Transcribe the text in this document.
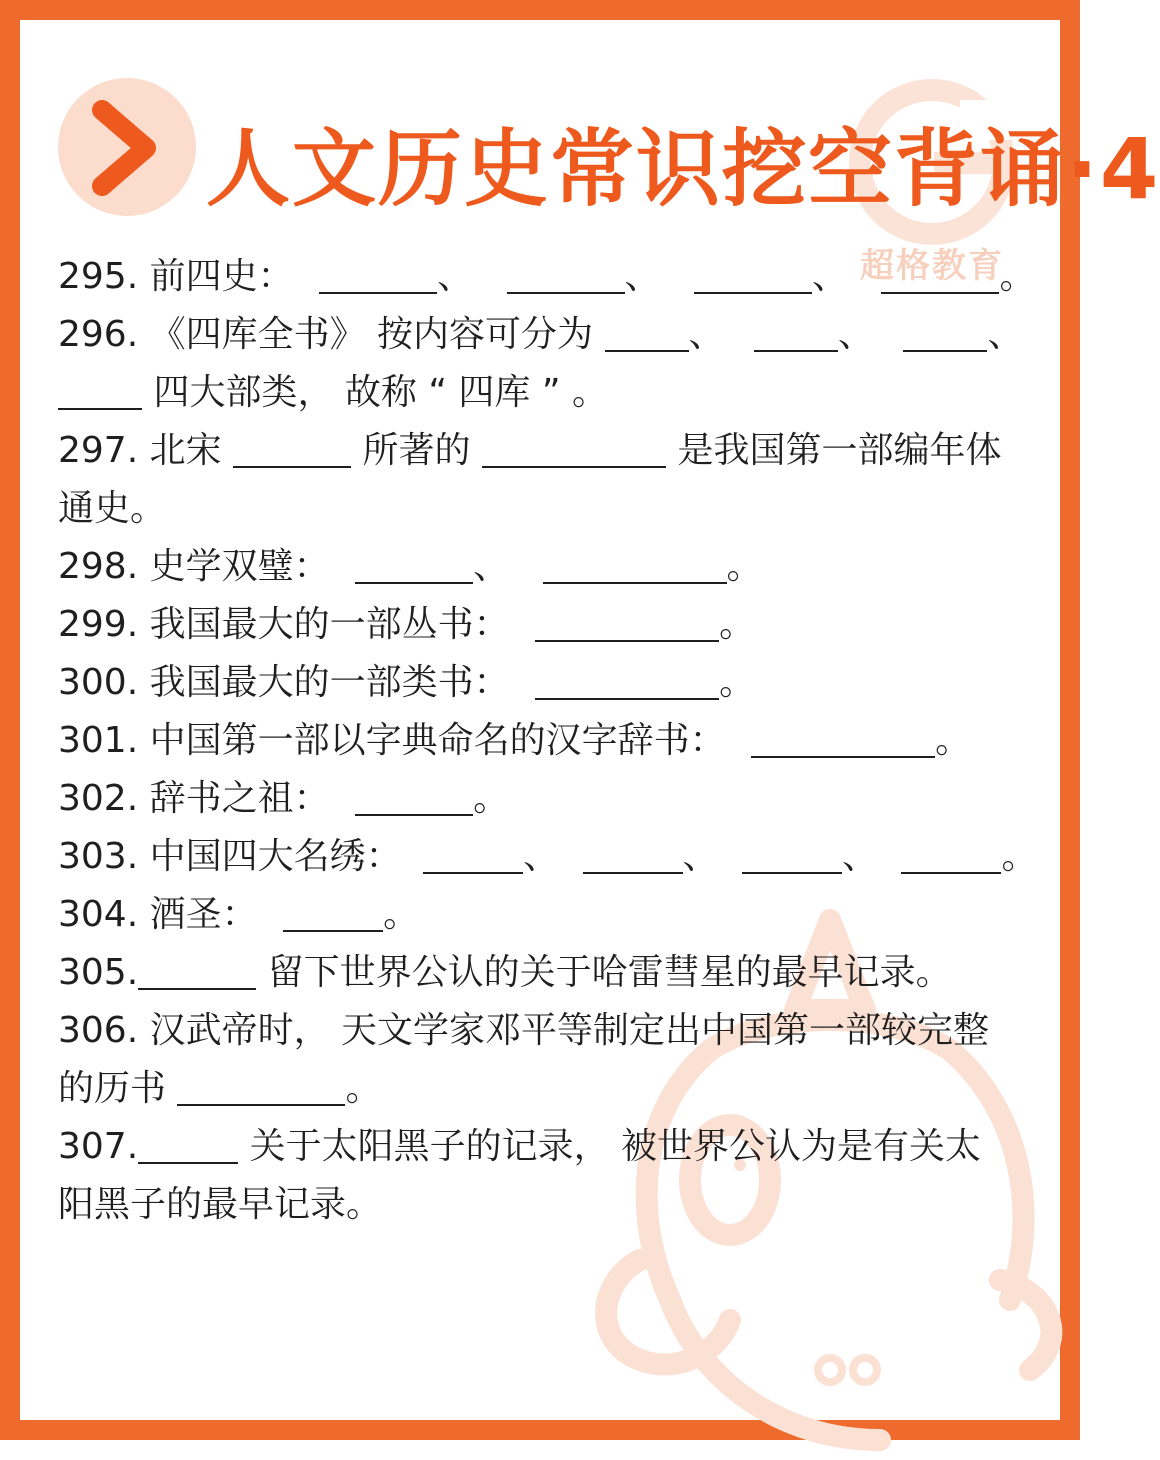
超格教育
人文历史常识挖空背诵·4
295. 前四史：	、	、	、	。
296. 《四库全书》 按内容可分为	、	、	、
四大部类， 故称 “ 四库 ” 。
297. 北宋	所著的	是我国第一部编年体
通史。
298. 史学双璧：	、	。
299. 我国最大的一部丛书：	。
300. 我国最大的一部类书：	。
301. 中国第一部以字典命名的汉字辞书：	。
302. 辞书之祖：	。
303. 中国四大名绣：	、	、	、	。
304. 酒圣：	。
305.	留下世界公认的关于哈雷彗星的最早记录。
306. 汉武帝时， 天文学家邓平等制定出中国第一部较完整
的历书	。
307.	关于太阳黑子的记录， 被世界公认为是有关太
阳黑子的最早记录。
